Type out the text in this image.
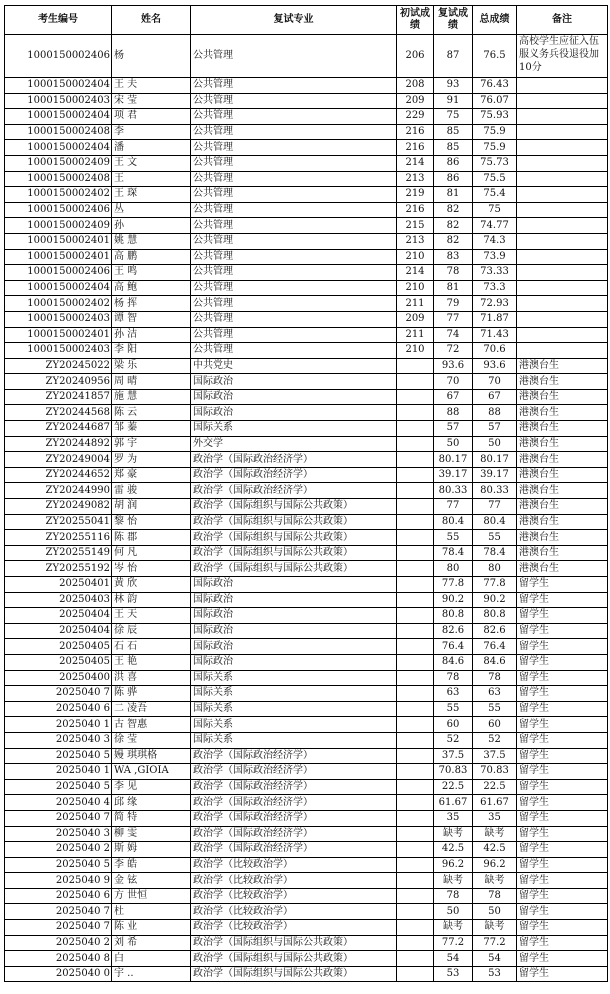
考生编号	姓名	复试专业	初试成绩	复试成绩	总成绩	备注
1000150002406	杨	公共管理	206	87	76.5	高校学生应征入伍服义务兵役退役加10分
1000150002404	王 夫	公共管理	208	93	76.43	
1000150002403	宋 莹	公共管理	209	91	76.07	
1000150002404	项 君	公共管理	229	75	75.93	
1000150002408	李	公共管理	216	85	75.9	
1000150002404	潘	公共管理	216	85	75.9	
1000150002409	王 文	公共管理	214	86	75.73	
1000150002408	王	公共管理	213	86	75.5	
1000150002402	王 琛	公共管理	219	81	75.4	
1000150002406	丛	公共管理	216	82	75	
1000150002409	孙	公共管理	215	82	74.77	
1000150002401	姚 慧	公共管理	213	82	74.3	
1000150002401	高 鹏	公共管理	210	83	73.9	
1000150002406	王 鸣	公共管理	214	78	73.33	
1000150002404	高 鲍	公共管理	210	81	73.3	
1000150002402	杨 挥	公共管理	211	79	72.93	
1000150002403	谭 智	公共管理	209	77	71.87	
1000150002401	孙 洁	公共管理	211	74	71.43	
1000150002403	李 阳	公共管理	210	72	70.6	
ZY20245022	梁 乐	中共党史		93.6	93.6	港澳台生
ZY20240956	周 晴	国际政治		70	70	港澳台生
ZY20241857	施 慧	国际政治		67	67	港澳台生
ZY20244568	陈 云	国际政治		88	88	港澳台生
ZY20244687	邹 蓁	国际关系		57	57	港澳台生
ZY20244892	郭 宇	外交学		50	50	港澳台生
ZY20249004	罗 为	政治学（国际政治经济学）		80.17	80.17	港澳台生
ZY20244652	郑 豪	政治学（国际政治经济学）		39.17	39.17	港澳台生
ZY20244990	雷 骏	政治学（国际政治经济学）		80.33	80.33	港澳台生
ZY20249082	胡 润	政治学（国际组织与国际公共政策）		77	77	港澳台生
ZY20255041	黎 怡	政治学（国际组织与国际公共政策）		80.4	80.4	港澳台生
ZY20255116	陈 郡	政治学（国际组织与国际公共政策）		55	55	港澳台生
ZY20255149	何 凡	政治学（国际组织与国际公共政策）		78.4	78.4	港澳台生
ZY20255192	岑 怡	政治学（国际组织与国际公共政策）		80	80	港澳台生
20250401	黄 欣	国际政治		77.8	77.8	留学生
20250403	林 韵	国际政治		90.2	90.2	留学生
20250404	王 天	国际政治		80.8	80.8	留学生
20250404	徐 辰	国际政治		82.6	82.6	留学生
20250405	石 石	国际政治		76.4	76.4	留学生
20250405	王 艳	国际政治		84.6	84.6	留学生
20250400	洪 喜	国际关系		78	78	留学生
2025040 7	陈 骅	国际关系		63	63	留学生
2025040 6	二 凌吾	国际关系		55	55	留学生
2025040 1	古 智惠	国际关系		60	60	留学生
2025040 3	徐 莹	国际关系		52	52	留学生
2025040 5	嫚 琪琪格	政治学（国际政治经济学）		37.5	37.5	留学生
2025040 1	WA ,GIOIA	政治学（国际政治经济学）		70.83	70.83	留学生
2025040 5	李 见	政治学（国际政治经济学）		22.5	22.5	留学生
2025040 4	邱 缘	政治学（国际政治经济学）		61.67	61.67	留学生
2025040 7	简 特	政治学（国际政治经济学）		35	35	留学生
2025040 3	柳 雯	政治学（国际政治经济学）		缺考	缺考	留学生
2025040 2	斯 姆	政治学（国际政治经济学）		42.5	42.5	留学生
2025040 5	李 皓	政治学（比较政治学）		96.2	96.2	留学生
2025040 9	金 铉	政治学（比较政治学）		缺考	缺考	留学生
2025040 6	方 世恒	政治学（比较政治学）		78	78	留学生
2025040 7	杜	政治学（比较政治学）		50	50	留学生
2025040 7	陈 业	政治学（比较政治学）		缺考	缺考	留学生
2025040 2	刘 希	政治学（国际组织与国际公共政策）		77.2	77.2	留学生
2025040 8	白	政治学（国际组织与国际公共政策）		54	54	留学生
2025040 0	宇 ..	政治学（国际组织与国际公共政策）		53	53	留学生
